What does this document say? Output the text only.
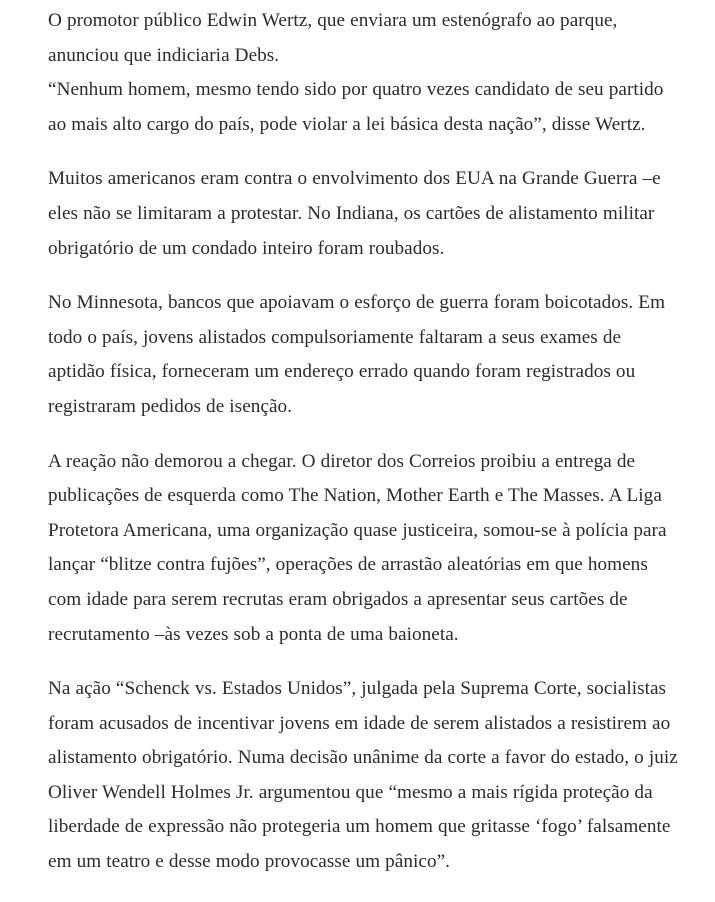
O promotor público Edwin Wertz, que enviara um estenógrafo ao parque, anunciou que indiciaria Debs.
“Nenhum homem, mesmo tendo sido por quatro vezes candidato de seu partido ao mais alto cargo do país, pode violar a lei básica desta nação”, disse Wertz.

Muitos americanos eram contra o envolvimento dos EUA na Grande Guerra –e eles não se limitaram a protestar. No Indiana, os cartões de alistamento militar obrigatório de um condado inteiro foram roubados.

No Minnesota, bancos que apoiavam o esforço de guerra foram boicotados. Em todo o país, jovens alistados compulsoriamente faltaram a seus exames de aptidão física, forneceram um endereço errado quando foram registrados ou registraram pedidos de isenção.

A reação não demorou a chegar. O diretor dos Correios proibiu a entrega de publicações de esquerda como The Nation, Mother Earth e The Masses. A Liga Protetora Americana, uma organização quase justiceira, somou-se à polícia para lançar “blitze contra fujões”, operações de arrastão aleatórias em que homens com idade para serem recrutas eram obrigados a apresentar seus cartões de recrutamento –às vezes sob a ponta de uma baioneta.

Na ação “Schenck vs. Estados Unidos”, julgada pela Suprema Corte, socialistas foram acusados de incentivar jovens em idade de serem alistados a resistirem ao alistamento obrigatório. Numa decisão unânime da corte a favor do estado, o juiz Oliver Wendell Holmes Jr. argumentou que “mesmo a mais rígida proteção da liberdade de expressão não protegeria um homem que gritasse ‘fogo’ falsamente em um teatro e desse modo provocasse um pânico”.
